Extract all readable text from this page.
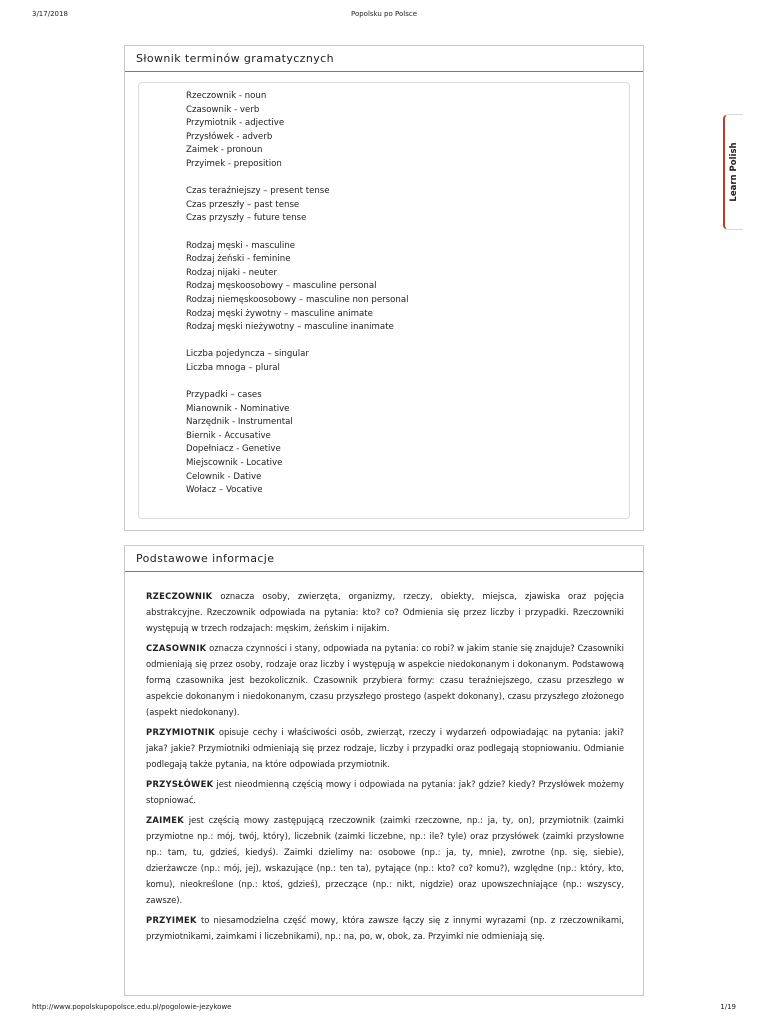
3/17/2018	Popolsku po Polsce
Słownik terminów gramatycznych
Rzeczownik - noun
Czasownik - verb
Przymiotnik - adjective
Przysłówek - adverb
Zaimek - pronoun
Przyimek - preposition
Czas teraźniejszy – present tense
Czas przeszły – past tense
Czas przyszły – future tense
Rodzaj męski - masculine
Rodzaj żeński - feminine
Rodzaj nijaki - neuter
Rodzaj męskoosobowy – masculine personal
Rodzaj niemęskoosobowy – masculine non personal
Rodzaj męski żywotny – masculine animate
Rodzaj męski nieżywotny – masculine inanimate
Liczba pojedyncza – singular
Liczba mnoga – plural
Przypadki – cases
Mianownik - Nominative
Narzędnik - Instrumental
Biernik - Accusative
Dopełniacz - Genetive
Miejscownik - Locative
Celownik - Dative
Wołacz – Vocative
Podstawowe informacje

RZECZOWNIK oznacza osoby, zwierzęta, organizmy, rzeczy, obiekty, miejsca, zjawiska oraz pojęcia abstrakcyjne. Rzeczownik odpowiada na pytania: kto? co? Odmienia się przez liczby i przypadki. Rzeczowniki występują w trzech rodzajach: męskim, żeńskim i nijakim.

CZASOWNIK oznacza czynności i stany, odpowiada na pytania: co robi? w jakim stanie się znajduje? Czasowniki odmieniają się przez osoby, rodzaje oraz liczby i występują w aspekcie niedokonanym i dokonanym. Podstawową formą czasownika jest bezokolicznik. Czasownik przybiera formy: czasu teraźniejszego, czasu przeszłego w aspekcie dokonanym i niedokonanym, czasu przyszłego prostego (aspekt dokonany), czasu przyszłego złożonego (aspekt niedokonany).

PRZYMIOTNIK opisuje cechy i właściwości osób, zwierząt, rzeczy i wydarzeń odpowiadając na pytania: jaki? jaka? jakie? Przymiotniki odmieniają się przez rodzaje, liczby i przypadki oraz podlegają stopniowaniu. Odmianie podlegają także pytania, na które odpowiada przymiotnik.

PRZYSŁÓWEK jest nieodmienną częścią mowy i odpowiada na pytania: jak? gdzie? kiedy? Przysłówek możemy stopniować.

ZAIMEK jest częścią mowy zastępującą rzeczownik (zaimki rzeczowne, np.: ja, ty, on), przymiotnik (zaimki przymiotne np.: mój, twój, który), liczebnik (zaimki liczebne, np.: ile? tyle) oraz przysłówek (zaimki przysłowne np.: tam, tu, gdzieś, kiedyś). Zaimki dzielimy na: osobowe (np.: ja, ty, mnie), zwrotne (np. się, siebie), dzierżawcze (np.: mój, jej), wskazujące (np.: ten ta), pytające (np.: kto? co? komu?), względne (np.: który, kto, komu), nieokreślone (np.: ktoś, gdzieś), przeczące (np.: nikt, nigdzie) oraz upowszechniające (np.: wszyscy, zawsze).

PRZYIMEK to niesamodzielna część mowy, która zawsze łączy się z innymi wyrazami (np. z rzeczownikami, przymiotnikami, zaimkami i liczebnikami), np.: na, po, w, obok, za. Przyimki nie odmieniają się.

Learn Polish
http://www.popolskupopolsce.edu.pl/pogolowie-jezykowe	1/19
